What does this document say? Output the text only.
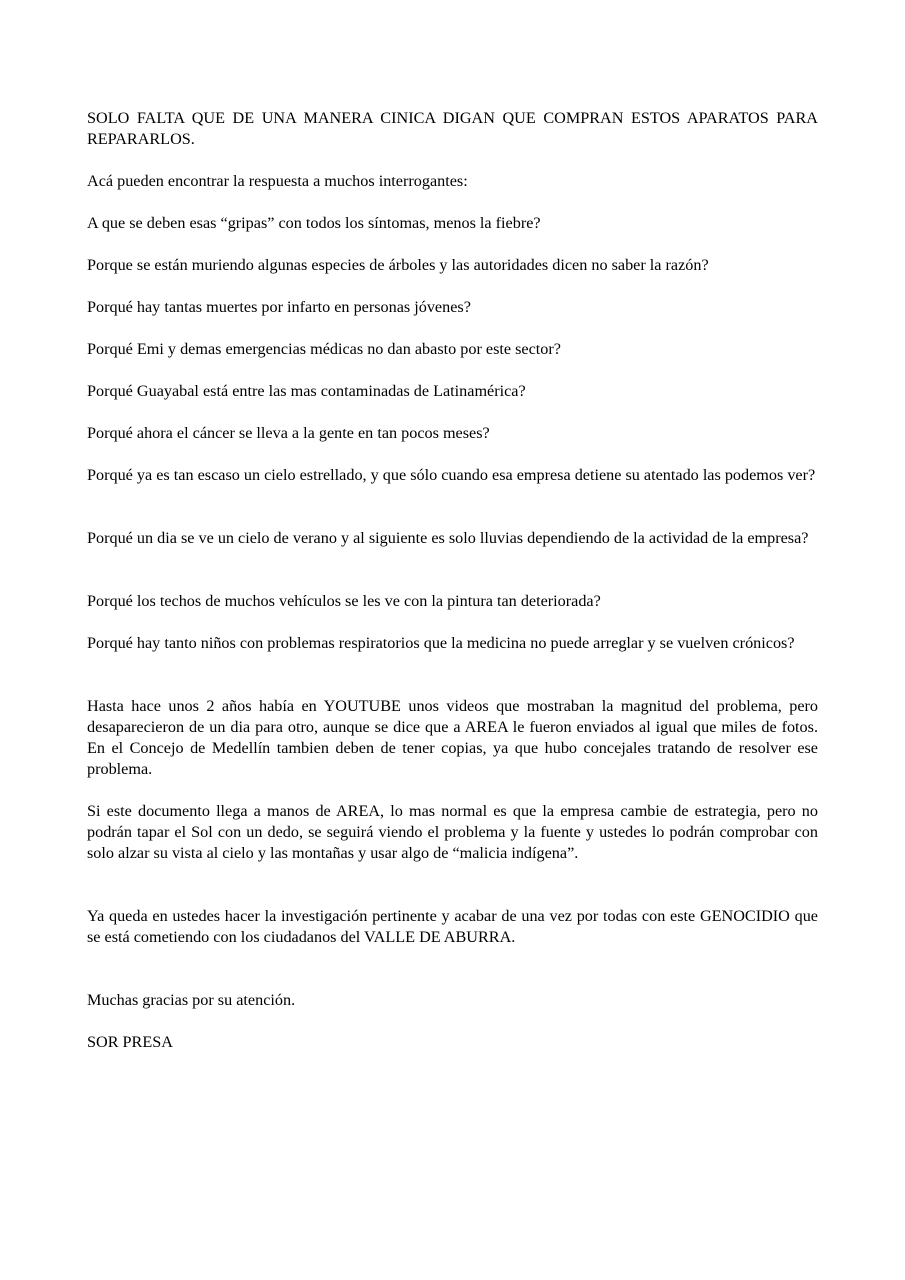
SOLO FALTA QUE DE UNA MANERA CINICA DIGAN QUE COMPRAN ESTOS APARATOS PARA REPARARLOS.

Acá pueden encontrar la respuesta a muchos interrogantes:

A que se deben esas “gripas” con todos los síntomas, menos la fiebre?

Porque se están muriendo algunas especies de árboles y las autoridades dicen no saber la razón?

Porqué hay tantas muertes por infarto en personas jóvenes?

Porqué Emi y demas emergencias médicas no dan abasto por este sector?

Porqué Guayabal está entre las mas contaminadas de Latinamérica?

Porqué ahora el cáncer se lleva a la gente en tan pocos meses?

Porqué ya es tan escaso un cielo estrellado, y que sólo cuando esa empresa detiene su atentado las podemos ver?

Porqué un dia se ve un cielo de verano y al siguiente es solo lluvias dependiendo de la actividad de la empresa?

Porqué los techos de muchos vehículos se les ve con la pintura tan deteriorada?

Porqué hay tanto niños con problemas respiratorios que la medicina no puede arreglar y se vuelven crónicos?

Hasta hace unos 2 años había en YOUTUBE unos videos que mostraban la magnitud del problema, pero desaparecieron de un dia para otro, aunque se dice que a AREA le fueron enviados al igual que miles de fotos. En el Concejo de Medellín tambien deben de tener copias, ya que hubo concejales tratando de resolver ese problema.

Si este documento llega a manos de AREA, lo mas normal es que la empresa cambie de estrategia, pero no podrán tapar el Sol con un dedo, se seguirá viendo el problema y la fuente y ustedes lo podrán comprobar con solo alzar su vista al cielo y las montañas y usar algo de “malicia indígena”.

Ya queda en ustedes hacer la investigación pertinente y acabar de una vez por todas con este GENOCIDIO que se está cometiendo con los ciudadanos del VALLE DE ABURRA.

Muchas gracias por su atención.

SOR PRESA
